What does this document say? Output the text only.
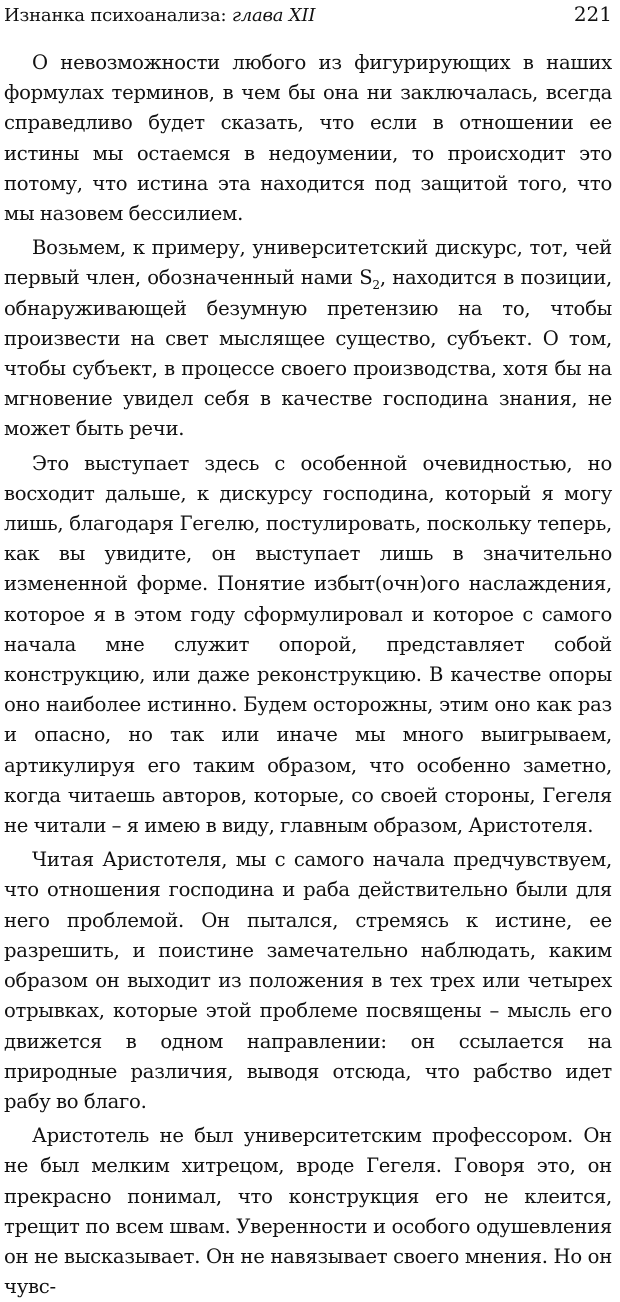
Изнанка психоанализа: глава XII	221

О невозможности любого из фигурирующих в наших формулах терминов, в чем бы она ни заключалась, всегда справедливо будет сказать, что если в отношении ее истины мы остаемся в недоумении, то происходит это потому, что истина эта находится под защитой того, что мы назовем бессилием.

Возьмем, к примеру, университетский дискурс, тот, чей первый член, обозначенный нами $S_2$, находится в позиции, обнаруживающей безумную претензию на то, чтобы произвести на свет мыслящее существо, субъект. О том, чтобы субъект, в процессе своего производства, хотя бы на мгновение увидел себя в качестве господина знания, не может быть речи.

Это выступает здесь с особенной очевидностью, но восходит дальше, к дискурсу господина, который я могу лишь, благодаря Гегелю, постулировать, поскольку теперь, как вы увидите, он выступает лишь в значительно измененной форме. Понятие избыт(очн)ого наслаждения, которое я в этом году сформулировал и которое с самого начала мне служит опорой, представляет собой конструкцию, или даже реконструкцию. В качестве опоры оно наиболее истинно. Будем осторожны, этим оно как раз и опасно, но так или иначе мы много выигрываем, артикулируя его таким образом, что особенно заметно, когда читаешь авторов, которые, со своей стороны, Гегеля не читали – я имею в виду, главным образом, Аристотеля.

Читая Аристотеля, мы с самого начала предчувствуем, что отношения господина и раба действительно были для него проблемой. Он пытался, стремясь к истине, ее разрешить, и поистине замечательно наблюдать, каким образом он выходит из положения в тех трех или четырех отрывках, которые этой проблеме посвящены – мысль его движется в одном направлении: он ссылается на природные различия, выводя отсюда, что рабство идет рабу во благо.

Аристотель не был университетским профессором. Он не был мелким хитрецом, вроде Гегеля. Говоря это, он прекрасно понимал, что конструкция его не клеится, трещит по всем швам. Уверенности и особого одушевления он не высказывает. Он не навязывает своего мнения. Но он чувс-
